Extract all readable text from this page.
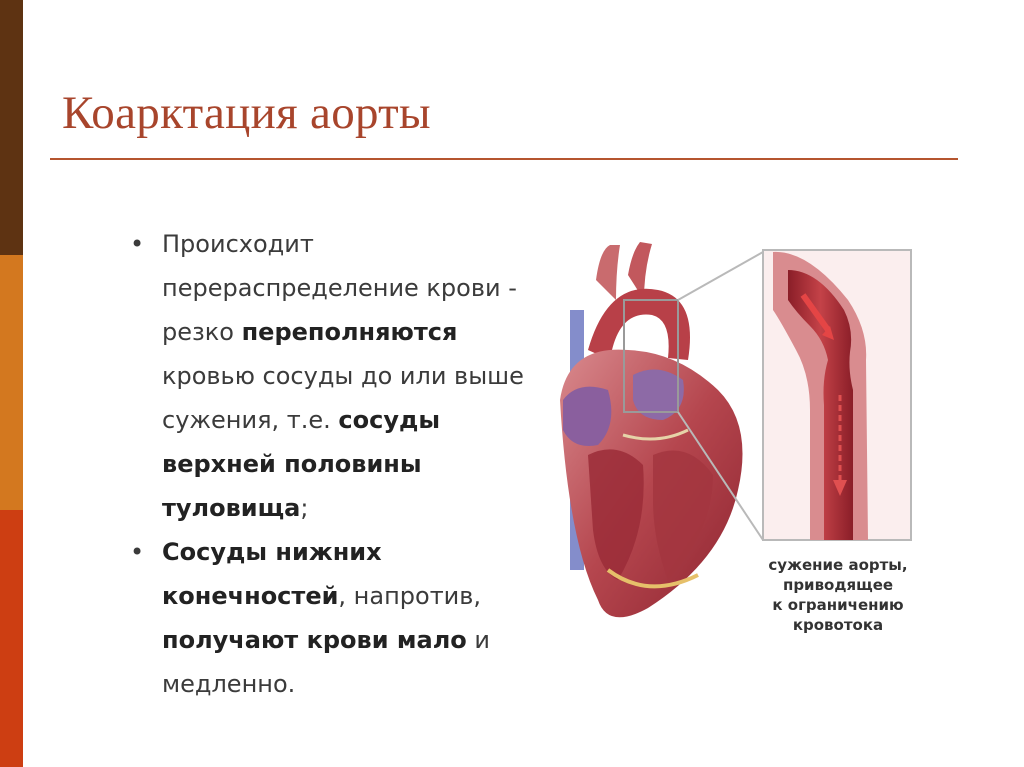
Коарктация аорты
• Происходит перераспределение крови - резко переполняются кровью сосуды до или выше сужения, т.е. сосуды верхней половины туловища;
• Сосуды нижних конечностей, напротив, получают крови мало и медленно.
сужение аорты,
приводящее
к ограничению
кровотока
